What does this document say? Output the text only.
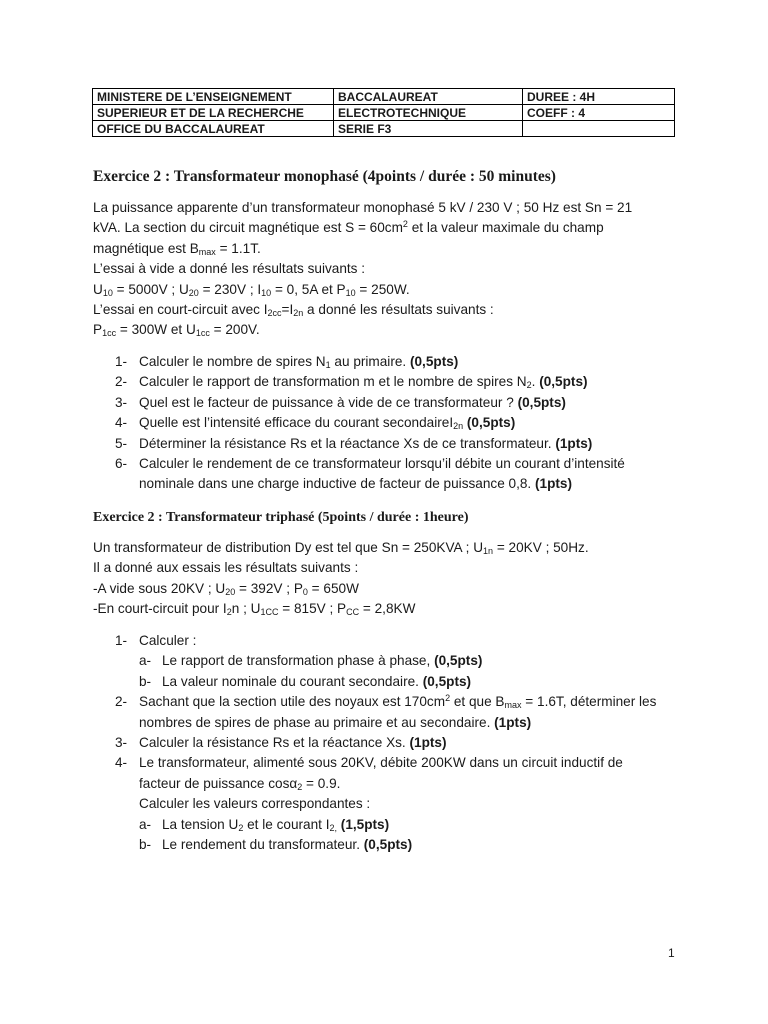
MINISTERE DE L’ENSEIGNEMENT	BACCALAUREAT	DUREE : 4H
SUPERIEUR ET DE LA RECHERCHE	ELECTROTECHNIQUE	COEFF : 4
OFFICE DU BACCALAUREAT	SERIE F3	
Exercice 2 : Transformateur monophasé (4points / durée : 50 minutes)
La puissance apparente d’un transformateur monophasé 5 kV / 230 V ; 50 Hz est Sn = 21
kVA. La section du circuit magnétique est $S = 60cm^2$ et la valeur maximale du champ
magnétique est $B_{max} = 1.1T$.
L’essai à vide a donné les résultats suivants :
$U_{10} = 5000V$ ; $U_{20} = 230V$ ; $I_{10} = 0$, 5A et $P_{10} = 250W$.
L’essai en court-circuit avec $I_{2cc}=I_{2n}$ a donné les résultats suivants :
$P_{1cc} = 300W$ et $U_{1cc} = 200V$.
1- Calculer le nombre de spires $N_1$ au primaire. (0,5pts)
2- Calculer le rapport de transformation m et le nombre de spires $N_2$. (0,5pts)
3- Quel est le facteur de puissance à vide de ce transformateur ? (0,5pts)
4- Quelle est l’intensité efficace du courant secondaireI$_{2n}$ (0,5pts)
5- Déterminer la résistance Rs et la réactance Xs de ce transformateur. (1pts)
6- Calculer le rendement de ce transformateur lorsqu’il débite un courant d’intensité
nominale dans une charge inductive de facteur de puissance 0,8. (1pts)
Exercice 2 : Transformateur triphasé (5points / durée : 1heure)
Un transformateur de distribution Dy est tel que Sn = 250KVA ; $U_{1n} = 20KV$ ; 50Hz.
Il a donné aux essais les résultats suivants :
-A vide sous 20KV ; $U_{20} = 392V$ ; $P_0 = 650W$
-En court-circuit pour $I_2n$ ; $U_{1CC} = 815V$ ; $P_{CC} = 2,8KW$
1- Calculer :
a- Le rapport de transformation phase à phase, (0,5pts)
b- La valeur nominale du courant secondaire. (0,5pts)
2- Sachant que la section utile des noyaux est $170cm^2$ et que $B_{max} = 1.6T$, déterminer les
nombres de spires de phase au primaire et au secondaire. (1pts)
3- Calculer la résistance Rs et la réactance Xs. (1pts)
4- Le transformateur, alimenté sous 20KV, débite 200KW dans un circuit inductif de
facteur de puissance cosα$_2$ = 0.9.
Calculer les valeurs correspondantes :
a- La tension $U_2$ et le courant $I_{2,}$ (1,5pts)
b- Le rendement du transformateur. (0,5pts)
1
